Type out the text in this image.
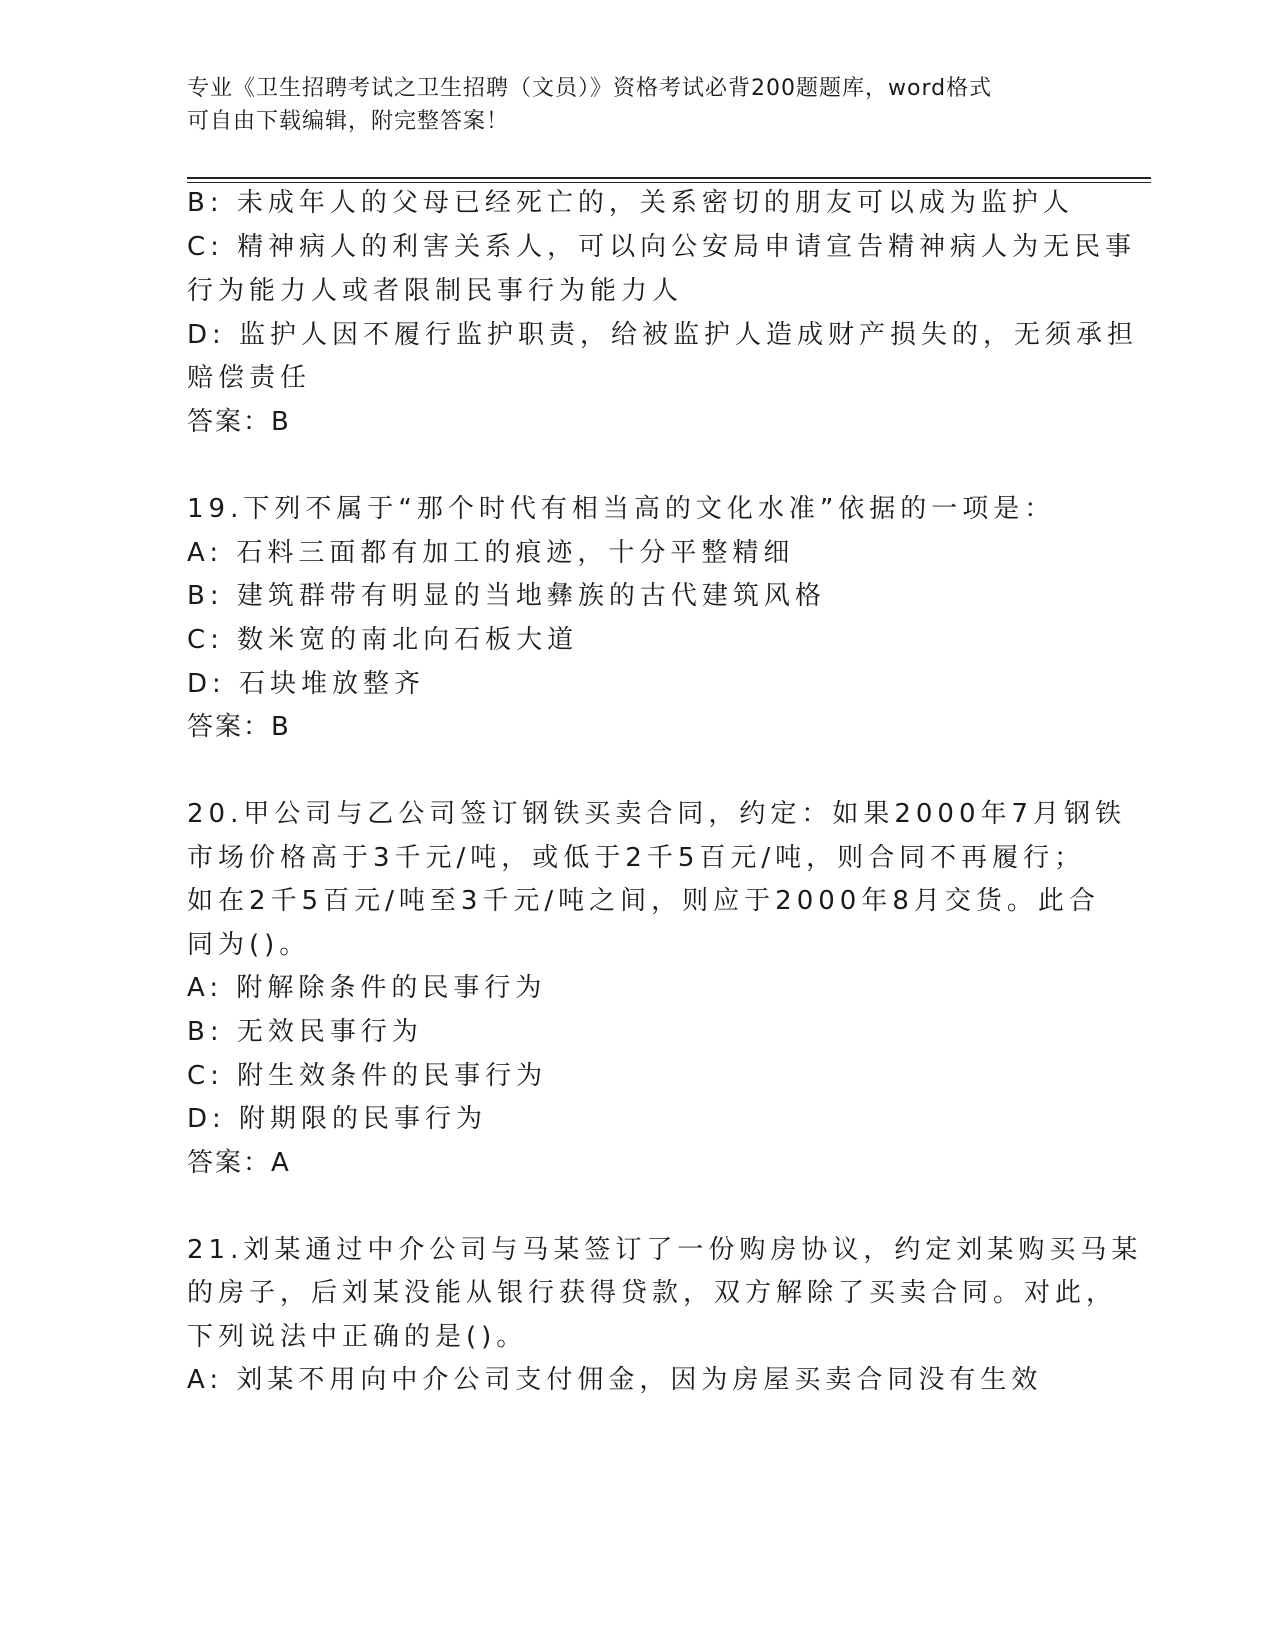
专业《卫生招聘考试之卫生招聘（文员）》资格考试必背200题题库，word格式
可自由下载编辑，附完整答案！
B: 未成年人的父母已经死亡的，关系密切的朋友可以成为监护人
C: 精神病人的利害关系人，可以向公安局申请宣告精神病人为无民事
行为能力人或者限制民事行为能力人
D: 监护人因不履行监护职责，给被监护人造成财产损失的，无须承担
赔偿责任
答案：B
19.下列不属于“那个时代有相当高的文化水准”依据的一项是：
A: 石料三面都有加工的痕迹，十分平整精细
B: 建筑群带有明显的当地彝族的古代建筑风格
C: 数米宽的南北向石板大道
D: 石块堆放整齐
答案：B
20.甲公司与乙公司签订钢铁买卖合同，约定：如果2000年7月钢铁
市场价格高于3千元/吨，或低于2千5百元/吨，则合同不再履行；
如在2千5百元/吨至3千元/吨之间，则应于2000年8月交货。此合
同为()。
A: 附解除条件的民事行为
B: 无效民事行为
C: 附生效条件的民事行为
D: 附期限的民事行为
答案：A
21.刘某通过中介公司与马某签订了一份购房协议，约定刘某购买马某
的房子，后刘某没能从银行获得贷款，双方解除了买卖合同。对此，
下列说法中正确的是()。
A: 刘某不用向中介公司支付佣金，因为房屋买卖合同没有生效
